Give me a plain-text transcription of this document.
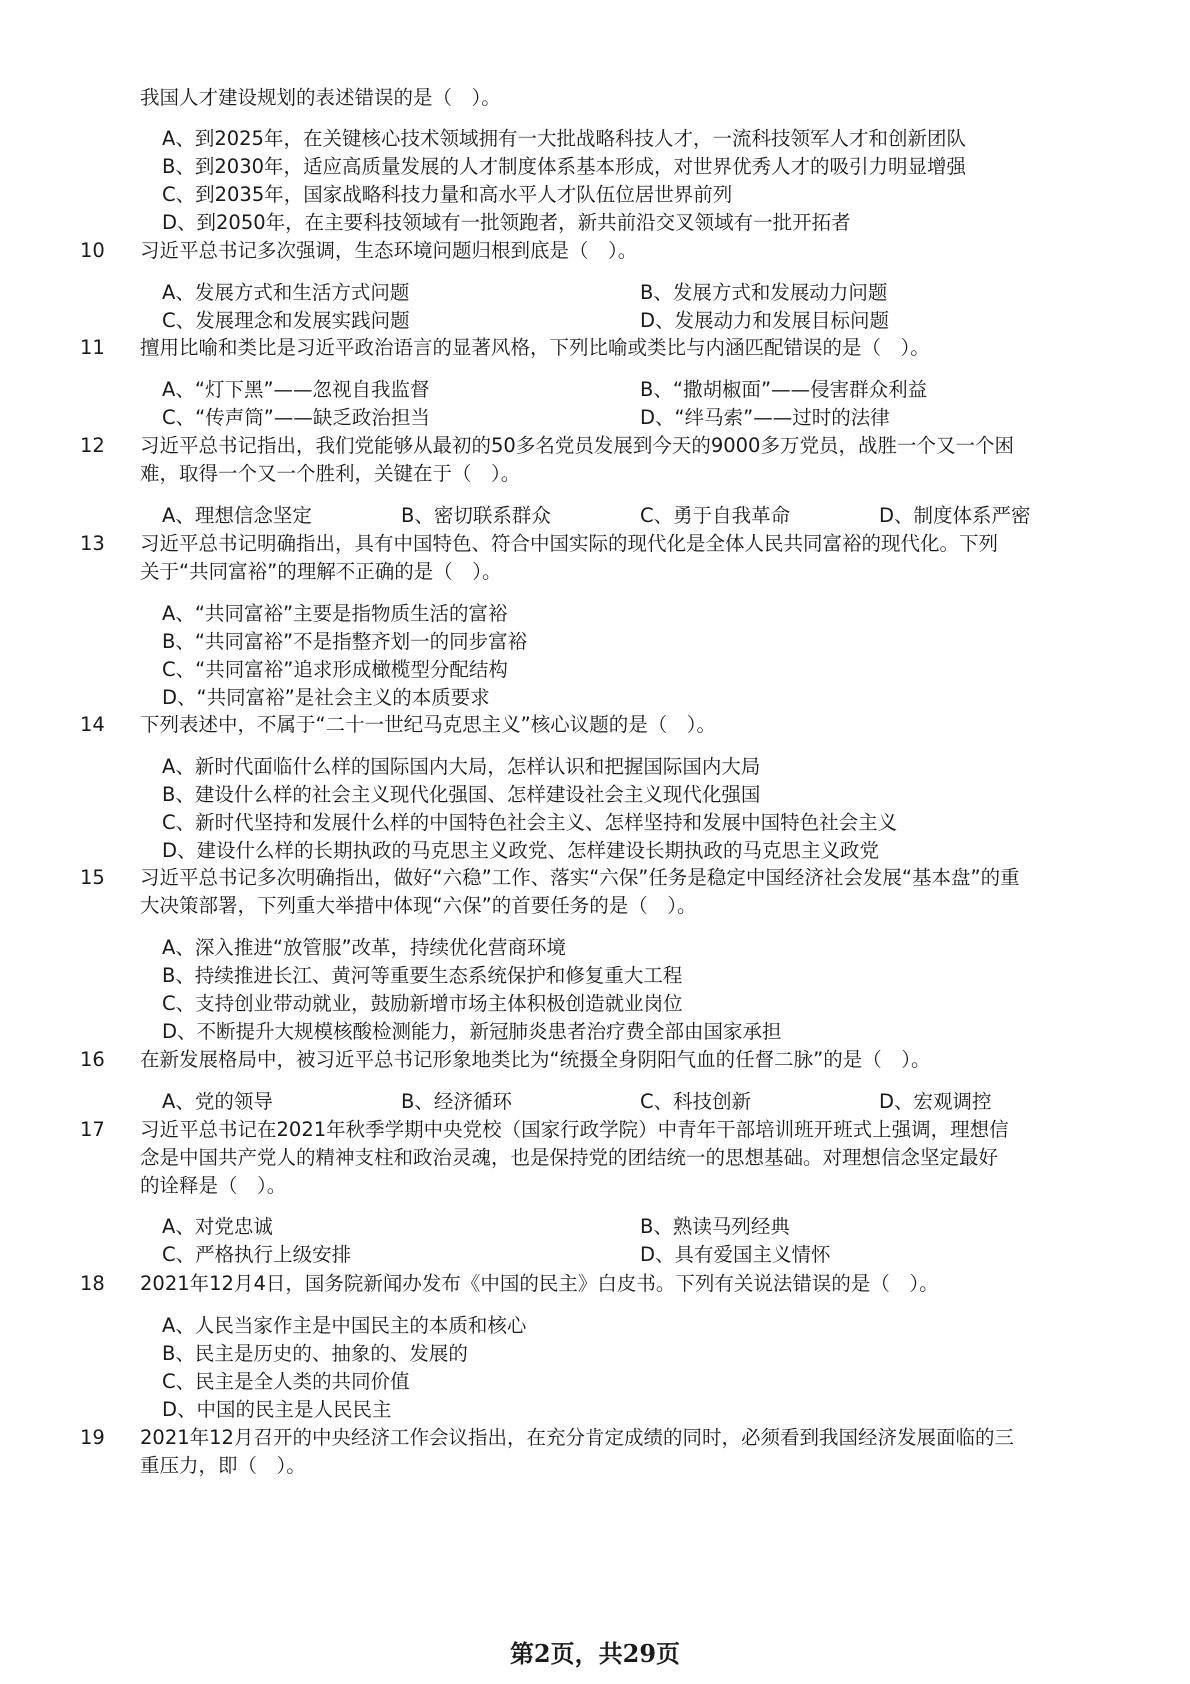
我国人才建设规划的表述错误的是（　）。
A、到2025年，在关键核心技术领域拥有一大批战略科技人才，一流科技领军人才和创新团队
B、到2030年，适应高质量发展的人才制度体系基本形成，对世界优秀人才的吸引力明显增强
C、到2035年，国家战略科技力量和高水平人才队伍位居世界前列
D、到2050年，在主要科技领域有一批领跑者，新共前沿交叉领域有一批开拓者
10 习近平总书记多次强调，生态环境问题归根到底是（　）。
A、发展方式和生活方式问题	B、发展方式和发展动力问题
C、发展理念和发展实践问题	D、发展动力和发展目标问题
11 擅用比喻和类比是习近平政治语言的显著风格，下列比喻或类比与内涵匹配错误的是（　）。
A、“灯下黑”——忽视自我监督	B、“撒胡椒面”——侵害群众利益
C、“传声筒”——缺乏政治担当	D、“绊马索”——过时的法律
12 习近平总书记指出，我们党能够从最初的50多名党员发展到今天的9000多万党员，战胜一个又一个困
难，取得一个又一个胜利，关键在于（　）。
A、理想信念坚定	B、密切联系群众	C、勇于自我革命	D、制度体系严密
13 习近平总书记明确指出，具有中国特色、符合中国实际的现代化是全体人民共同富裕的现代化。下列
关于“共同富裕”的理解不正确的是（　）。
A、“共同富裕”主要是指物质生活的富裕
B、“共同富裕”不是指整齐划一的同步富裕
C、“共同富裕”追求形成橄榄型分配结构
D、“共同富裕”是社会主义的本质要求
14 下列表述中，不属于“二十一世纪马克思主义”核心议题的是（　）。
A、新时代面临什么样的国际国内大局，怎样认识和把握国际国内大局
B、建设什么样的社会主义现代化强国、怎样建设社会主义现代化强国
C、新时代坚持和发展什么样的中国特色社会主义、怎样坚持和发展中国特色社会主义
D、建设什么样的长期执政的马克思主义政党、怎样建设长期执政的马克思主义政党
15 习近平总书记多次明确指出，做好“六稳”工作、落实“六保”任务是稳定中国经济社会发展“基本盘”的重
大决策部署，下列重大举措中体现“六保”的首要任务的是（　）。
A、深入推进“放管服”改革，持续优化营商环境
B、持续推进长江、黄河等重要生态系统保护和修复重大工程
C、支持创业带动就业，鼓励新增市场主体积极创造就业岗位
D、不断提升大规模核酸检测能力，新冠肺炎患者治疗费全部由国家承担
16 在新发展格局中，被习近平总书记形象地类比为“统摄全身阴阳气血的任督二脉”的是（　）。
A、党的领导	B、经济循环	C、科技创新	D、宏观调控
17 习近平总书记在2021年秋季学期中央党校（国家行政学院）中青年干部培训班开班式上强调，理想信
念是中国共产党人的精神支柱和政治灵魂，也是保持党的团结统一的思想基础。对理想信念坚定最好
的诠释是（　）。
A、对党忠诚	B、熟读马列经典
C、严格执行上级安排	D、具有爱国主义情怀
18 2021年12月4日，国务院新闻办发布《中国的民主》白皮书。下列有关说法错误的是（　）。
A、人民当家作主是中国民主的本质和核心
B、民主是历史的、抽象的、发展的
C、民主是全人类的共同价值
D、中国的民主是人民民主
19 2021年12月召开的中央经济工作会议指出，在充分肯定成绩的同时，必须看到我国经济发展面临的三
重压力，即（　）。
第2页，共29页
